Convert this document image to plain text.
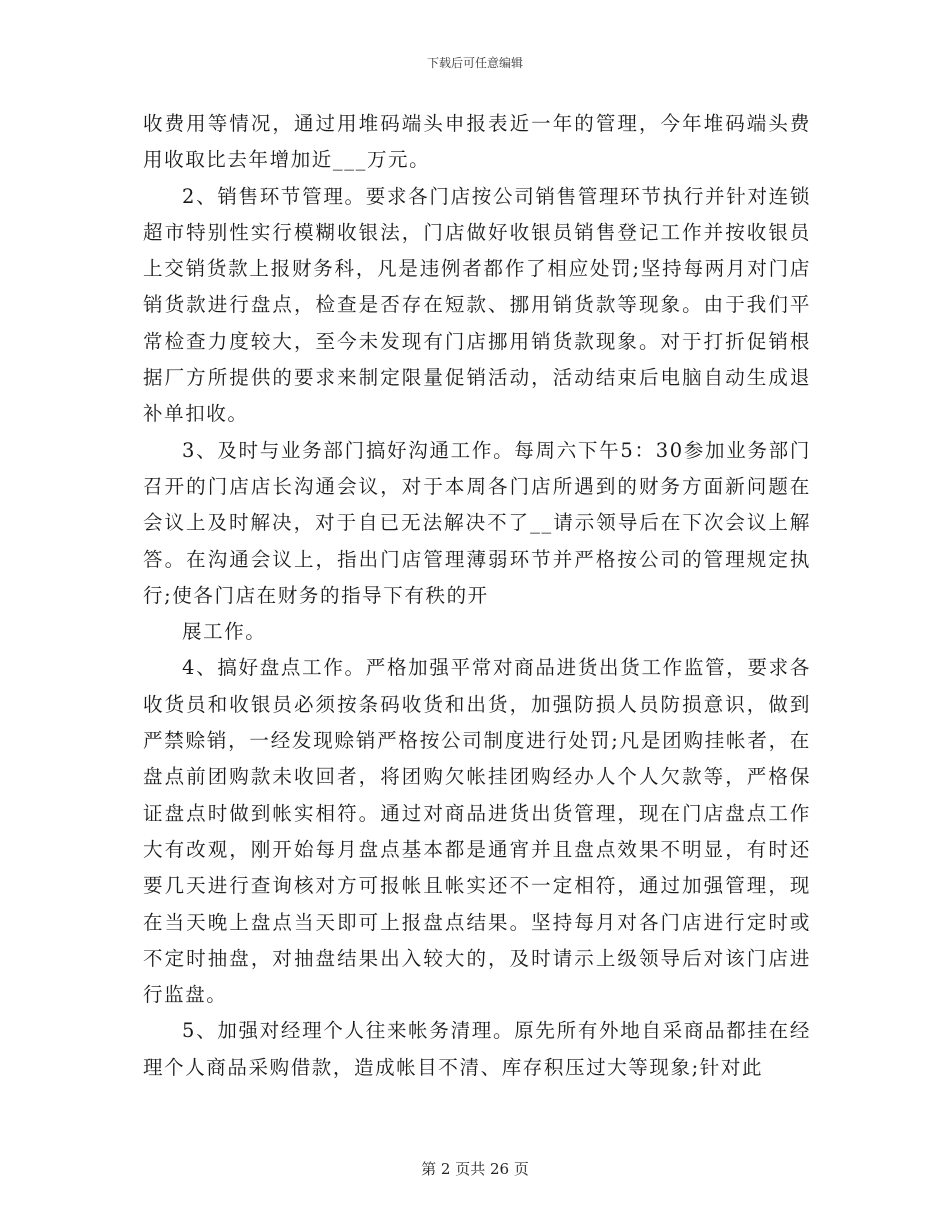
下载后可任意编辑

收费用等情况，通过用堆码端头申报表近一年的管理，今年堆码端头费用收取比去年增加近___万元。

2、销售环节管理。要求各门店按公司销售管理环节执行并针对连锁超市特别性实行模糊收银法，门店做好收银员销售登记工作并按收银员上交销货款上报财务科，凡是违例者都作了相应处罚;坚持每两月对门店销货款进行盘点，检查是否存在短款、挪用销货款等现象。由于我们平常检查力度较大，至今未发现有门店挪用销货款现象。对于打折促销根据厂方所提供的要求来制定限量促销活动，活动结束后电脑自动生成退补单扣收。

3、及时与业务部门搞好沟通工作。每周六下午5：30参加业务部门召开的门店店长沟通会议，对于本周各门店所遇到的财务方面新问题在会议上及时解决，对于自已无法解决不了__请示领导后在下次会议上解答。在沟通会议上，指出门店管理薄弱环节并严格按公司的管理规定执行;使各门店在财务的指导下有秩的开

展工作。

4、搞好盘点工作。严格加强平常对商品进货出货工作监管，要求各收货员和收银员必须按条码收货和出货，加强防损人员防损意识，做到严禁赊销，一经发现赊销严格按公司制度进行处罚;凡是团购挂帐者，在盘点前团购款未收回者，将团购欠帐挂团购经办人个人欠款等，严格保证盘点时做到帐实相符。通过对商品进货出货管理，现在门店盘点工作大有改观，刚开始每月盘点基本都是通宵并且盘点效果不明显，有时还要几天进行查询核对方可报帐且帐实还不一定相符，通过加强管理，现在当天晚上盘点当天即可上报盘点结果。坚持每月对各门店进行定时或不定时抽盘，对抽盘结果出入较大的，及时请示上级领导后对该门店进行监盘。

5、加强对经理个人往来帐务清理。原先所有外地自采商品都挂在经理个人商品采购借款，造成帐目不清、库存积压过大等现象;针对此

第 2 页共 26 页
